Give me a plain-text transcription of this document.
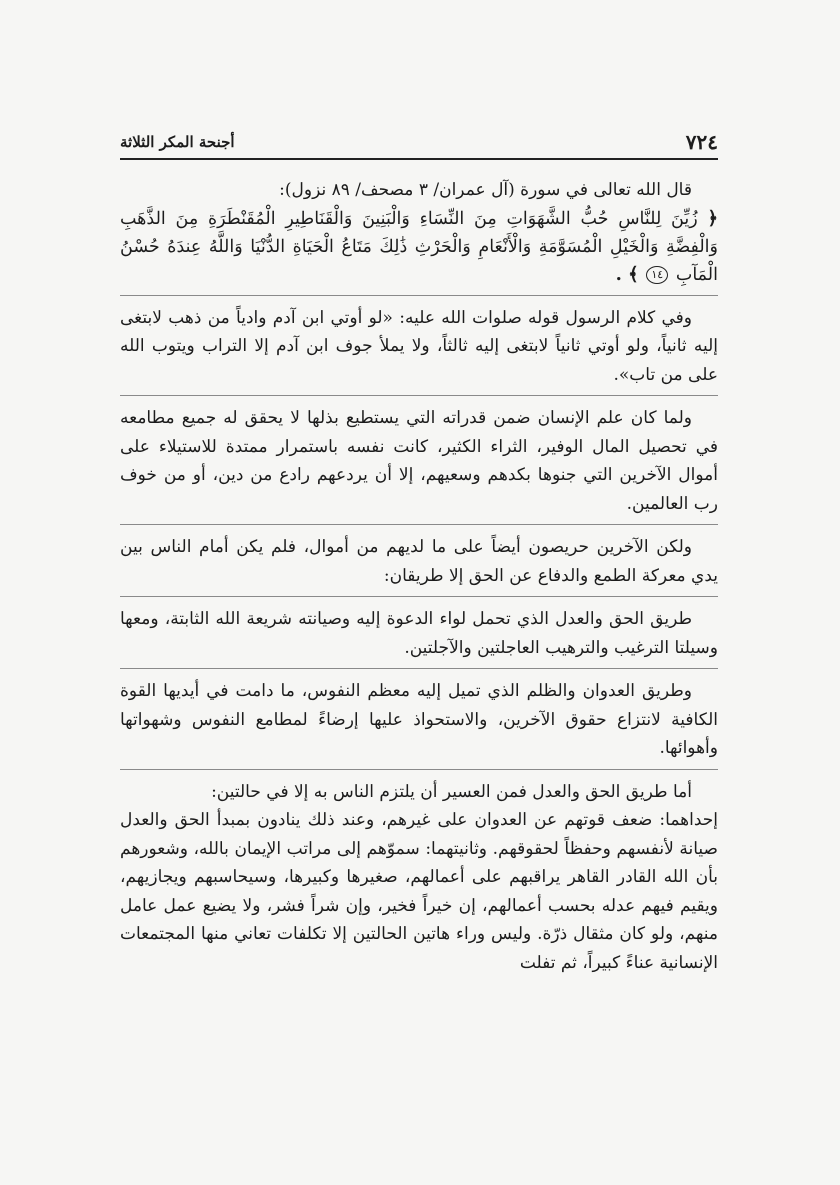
٧٢٤
أجنحة المكر الثلاثة

قال الله تعالى في سورة (آل عمران/ ٣ مصحف/ ٨٩ نزول):

﴿ زُيِّنَ لِلنَّاسِ حُبُّ الشَّهَوَاتِ مِنَ النِّسَاءِ وَالْبَنِينَ وَالْقَنَاطِيرِ الْمُقَنْطَرَةِ مِنَ الذَّهَبِ وَالْفِضَّةِ وَالْخَيْلِ الْمُسَوَّمَةِ وَالْأَنْعَامِ وَالْحَرْثِ ذَٰلِكَ مَتَاعُ الْحَيَاةِ الدُّنْيَا وَاللَّهُ عِندَهُ حُسْنُ الْمَآبِ ١٤ ﴾ .

وفي كلام الرسول قوله صلوات الله عليه: «لو أوتي ابن آدم وادياً من ذهب لابتغى إليه ثانياً، ولو أوتي ثانياً لابتغى إليه ثالثاً، ولا يملأ جوف ابن آدم إلا التراب ويتوب الله على من تاب».

ولما كان علم الإنسان ضمن قدراته التي يستطيع بذلها لا يحقق له جميع مطامعه في تحصيل المال الوفير، الثراء الكثير، كانت نفسه باستمرار ممتدة للاستيلاء على أموال الآخرين التي جنوها بكدهم وسعيهم، إلا أن يردعهم رادع من دين، أو من خوف رب العالمين.

ولكن الآخرين حريصون أيضاً على ما لديهم من أموال، فلم يكن أمام الناس بين يدي معركة الطمع والدفاع عن الحق إلا طريقان:

طريق الحق والعدل الذي تحمل لواء الدعوة إليه وصيانته شريعة الله الثابتة، ومعها وسيلتا الترغيب والترهيب العاجلتين والآجلتين.

وطريق العدوان والظلم الذي تميل إليه معظم النفوس، ما دامت في أيديها القوة الكافية لانتزاع حقوق الآخرين، والاستحواذ عليها إرضاءً لمطامع النفوس وشهواتها وأهوائها.

أما طريق الحق والعدل فمن العسير أن يلتزم الناس به إلا في حالتين:

إحداهما: ضعف قوتهم عن العدوان على غيرهم، وعند ذلك ينادون بمبدأ الحق والعدل صيانة لأنفسهم وحفظاً لحقوقهم. وثانيتهما: سموّهم إلى مراتب الإيمان بالله، وشعورهم بأن الله القادر القاهر يراقبهم على أعمالهم، صغيرها وكبيرها، وسيحاسبهم ويجازيهم، ويقيم فيهم عدله بحسب أعمالهم، إن خيراً فخير، وإن شراً فشر، ولا يضيع عمل عامل منهم، ولو كان مثقال ذرّة. وليس وراء هاتين الحالتين إلا تكلفات تعاني منها المجتمعات الإنسانية عناءً كبيراً، ثم تفلت
